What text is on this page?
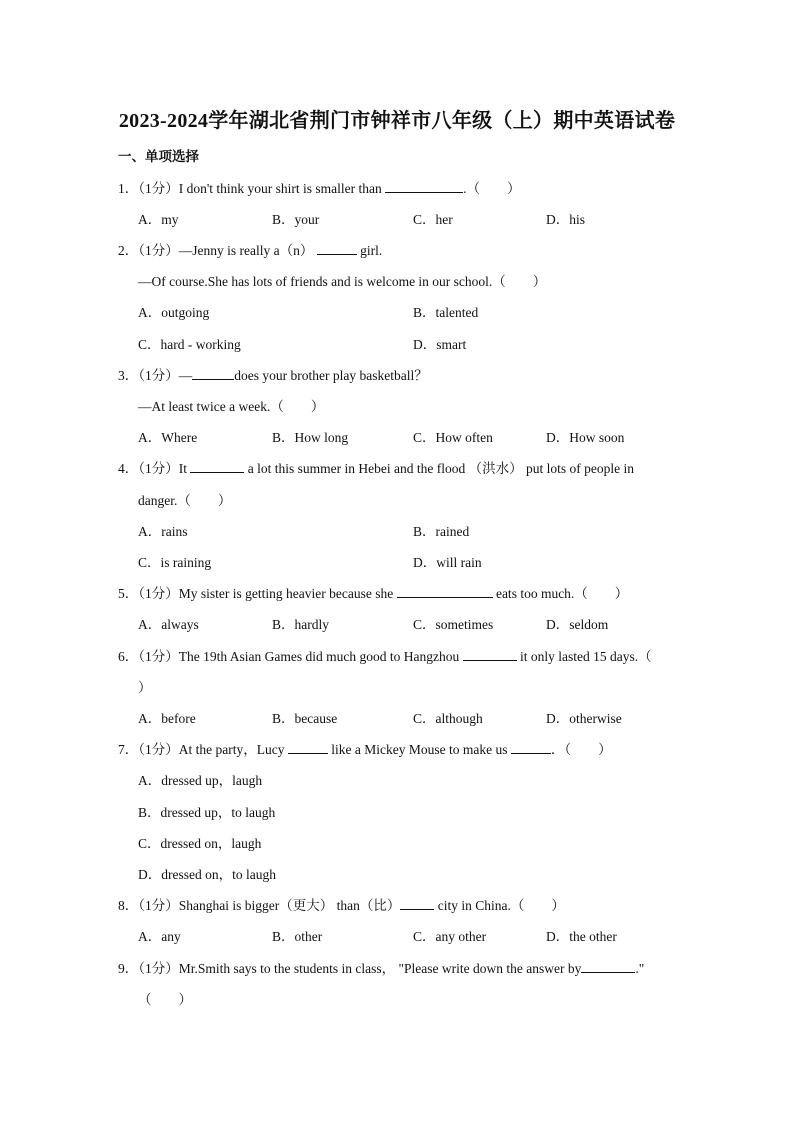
2023-2024学年湖北省荆门市钟祥市八年级（上）期中英语试卷
一、单项选择
1．（1分）I don't think your shirt is smaller than	.（　　）
A．my	B．your	C．her	D．his
2．（1分）—Jenny is really a（n）	girl.
—Of course.She has lots of friends and is welcome in our school.（　　）
A．outgoing	B．talented
C．hard - working	D．smart
3．（1分）—	does your brother play basketball？
—At least twice a week.（　　）
A．Where	B．How long	C．How often	D．How soon
4．（1分）It	a lot this summer in Hebei and the flood （洪水） put lots of people in
danger.（　　）
A．rains	B．rained
C．is raining	D．will rain
5．（1分）My sister is getting heavier because she	eats too much.（　　）
A．always	B．hardly	C．sometimes	D．seldom
6．（1分）The 19th Asian Games did much good to Hangzhou	it only lasted 15 days.（
）
A．before	B．because	C．although	D．otherwise
7．（1分）At the party，Lucy	like a Mickey Mouse to make us	．（　　）
A．dressed up，laugh
B．dressed up，to laugh
C．dressed on，laugh
D．dressed on，to laugh
8．（1分）Shanghai is bigger（更大） than（比）	city in China.（　　）
A．any	B．other	C．any other	D．the other
9．（1分）Mr.Smith says to the students in class， "Please write down the answer by	."
（　　）
